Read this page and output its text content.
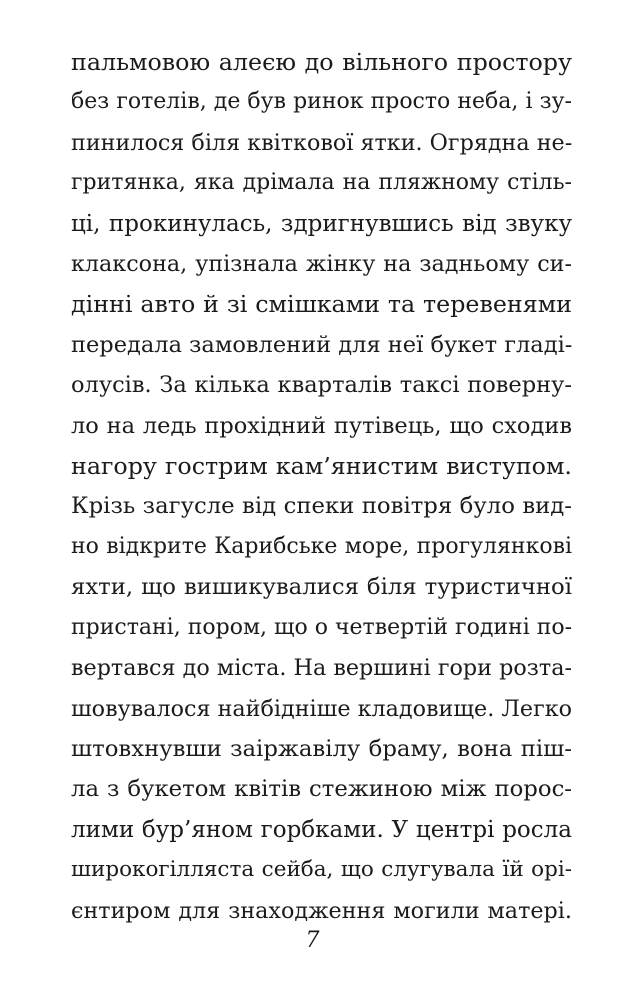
пальмовою алеєю до вільного простору
без готелів, де був ринок просто неба, і зу-
пинилося біля квіткової ятки. Огрядна не-
гритянка, яка дрімала на пляжному стіль-
ці, прокинулась, здригнувшись від звуку
клаксона, упізнала жінку на задньому си-
дінні авто й зі смішками та теревенями
передала замовлений для неї букет гладі-
олусів. За кілька кварталів таксі поверну-
ло на ледь прохідний путівець, що сходив
нагору гострим кам’янистим виступом.
Крізь загусле від спеки повітря було вид-
но відкрите Карибське море, прогулянкові
яхти, що вишикувалися біля туристичної
пристані, пором, що о четвертій годині по-
вертався до міста. На вершині гори розта-
шовувалося найбідніше кладовище. Легко
штовхнувши заіржавілу браму, вона піш-
ла з букетом квітів стежиною між порос-
лими бур’яном горбками. У центрі росла
широкогілляста сейба, що слугувала їй орі-
єнтиром для знаходження могили матері.
7
